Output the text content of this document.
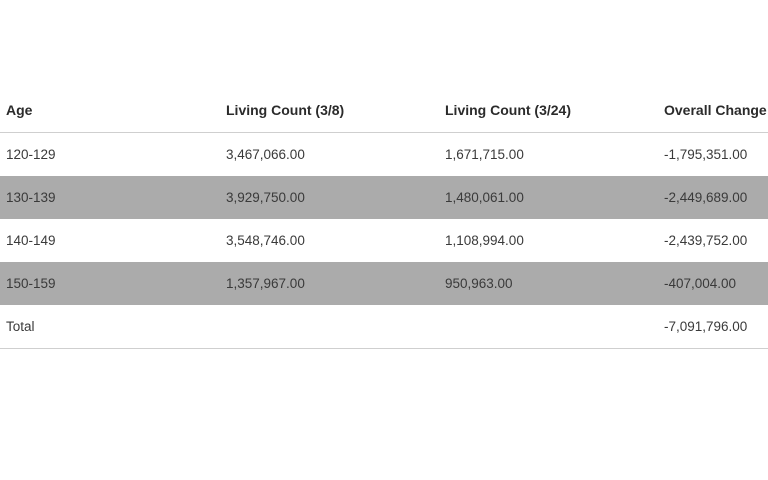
Age	Living Count (3/8)	Living Count (3/24)	Overall Change
120-129	3,467,066.00	1,671,715.00	-1,795,351.00
130-139	3,929,750.00	1,480,061.00	-2,449,689.00
140-149	3,548,746.00	1,108,994.00	-2,439,752.00
150-159	1,357,967.00	950,963.00	-407,004.00
Total			-7,091,796.00
